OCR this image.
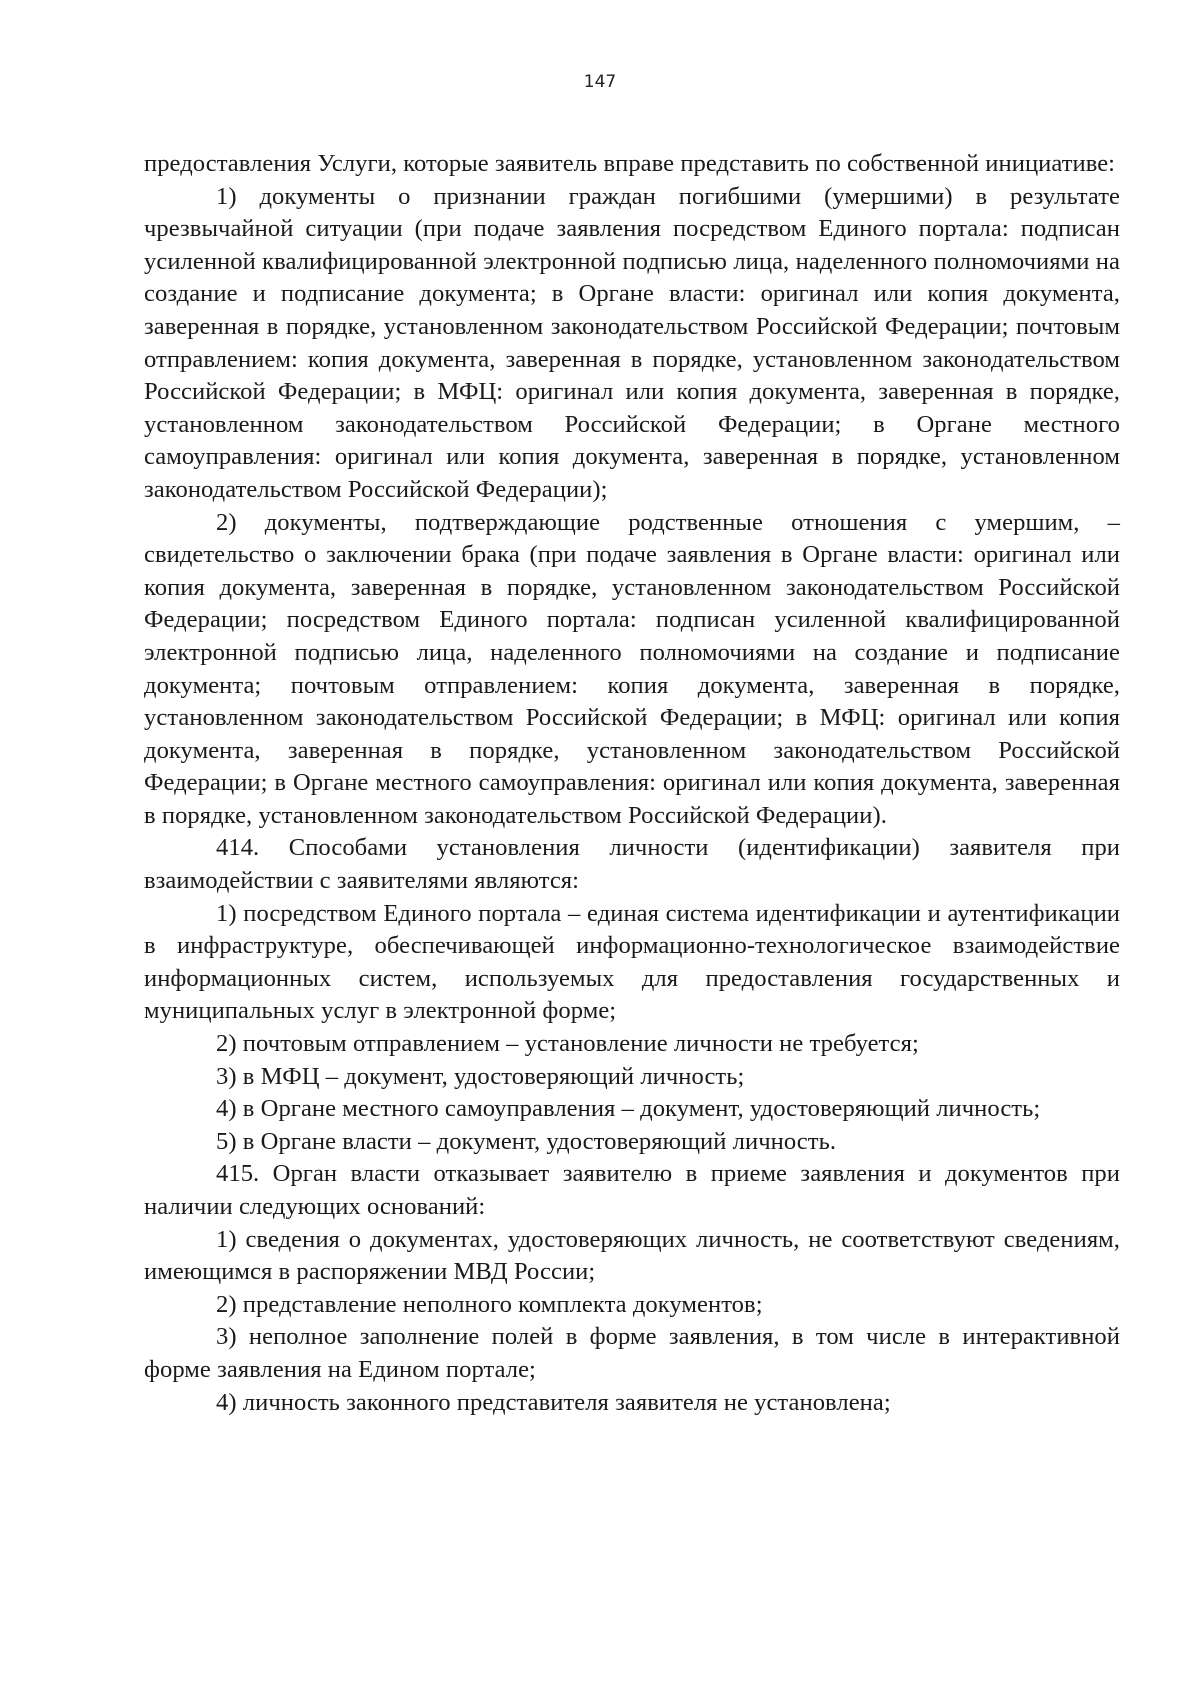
147

предоставления Услуги, которые заявитель вправе представить по собственной инициативе:

1) документы о признании граждан погибшими (умершими) в результате чрезвычайной ситуации (при подаче заявления посредством Единого портала: подписан усиленной квалифицированной электронной подписью лица, наделенного полномочиями на создание и подписание документа; в Органе власти: оригинал или копия документа, заверенная в порядке, установленном законодательством Российской Федерации; почтовым отправлением: копия документа, заверенная в порядке, установленном законодательством Российской Федерации; в МФЦ: оригинал или копия документа, заверенная в порядке, установленном законодательством Российской Федерации; в Органе местного самоуправления: оригинал или копия документа, заверенная в порядке, установленном законодательством Российской Федерации);

2) документы, подтверждающие родственные отношения с умершим, – свидетельство о заключении брака (при подаче заявления в Органе власти: оригинал или копия документа, заверенная в порядке, установленном законодательством Российской Федерации; посредством Единого портала: подписан усиленной квалифицированной электронной подписью лица, наделенного полномочиями на создание и подписание документа; почтовым отправлением: копия документа, заверенная в порядке, установленном законодательством Российской Федерации; в МФЦ: оригинал или копия документа, заверенная в порядке, установленном законодательством Российской Федерации; в Органе местного самоуправления: оригинал или копия документа, заверенная в порядке, установленном законодательством Российской Федерации).

414. Способами установления личности (идентификации) заявителя при взаимодействии с заявителями являются:

1) посредством Единого портала – единая система идентификации и аутентификации в инфраструктуре, обеспечивающей информационно-технологическое взаимодействие информационных систем, используемых для предоставления государственных и муниципальных услуг в электронной форме;

2) почтовым отправлением – установление личности не требуется;

3) в МФЦ – документ, удостоверяющий личность;

4) в Органе местного самоуправления – документ, удостоверяющий личность;

5) в Органе власти – документ, удостоверяющий личность.

415. Орган власти отказывает заявителю в приеме заявления и документов при наличии следующих оснований:

1) сведения о документах, удостоверяющих личность, не соответствуют сведениям, имеющимся в распоряжении МВД России;

2) представление неполного комплекта документов;

3) неполное заполнение полей в форме заявления, в том числе в интерактивной форме заявления на Едином портале;

4) личность законного представителя заявителя не установлена;
